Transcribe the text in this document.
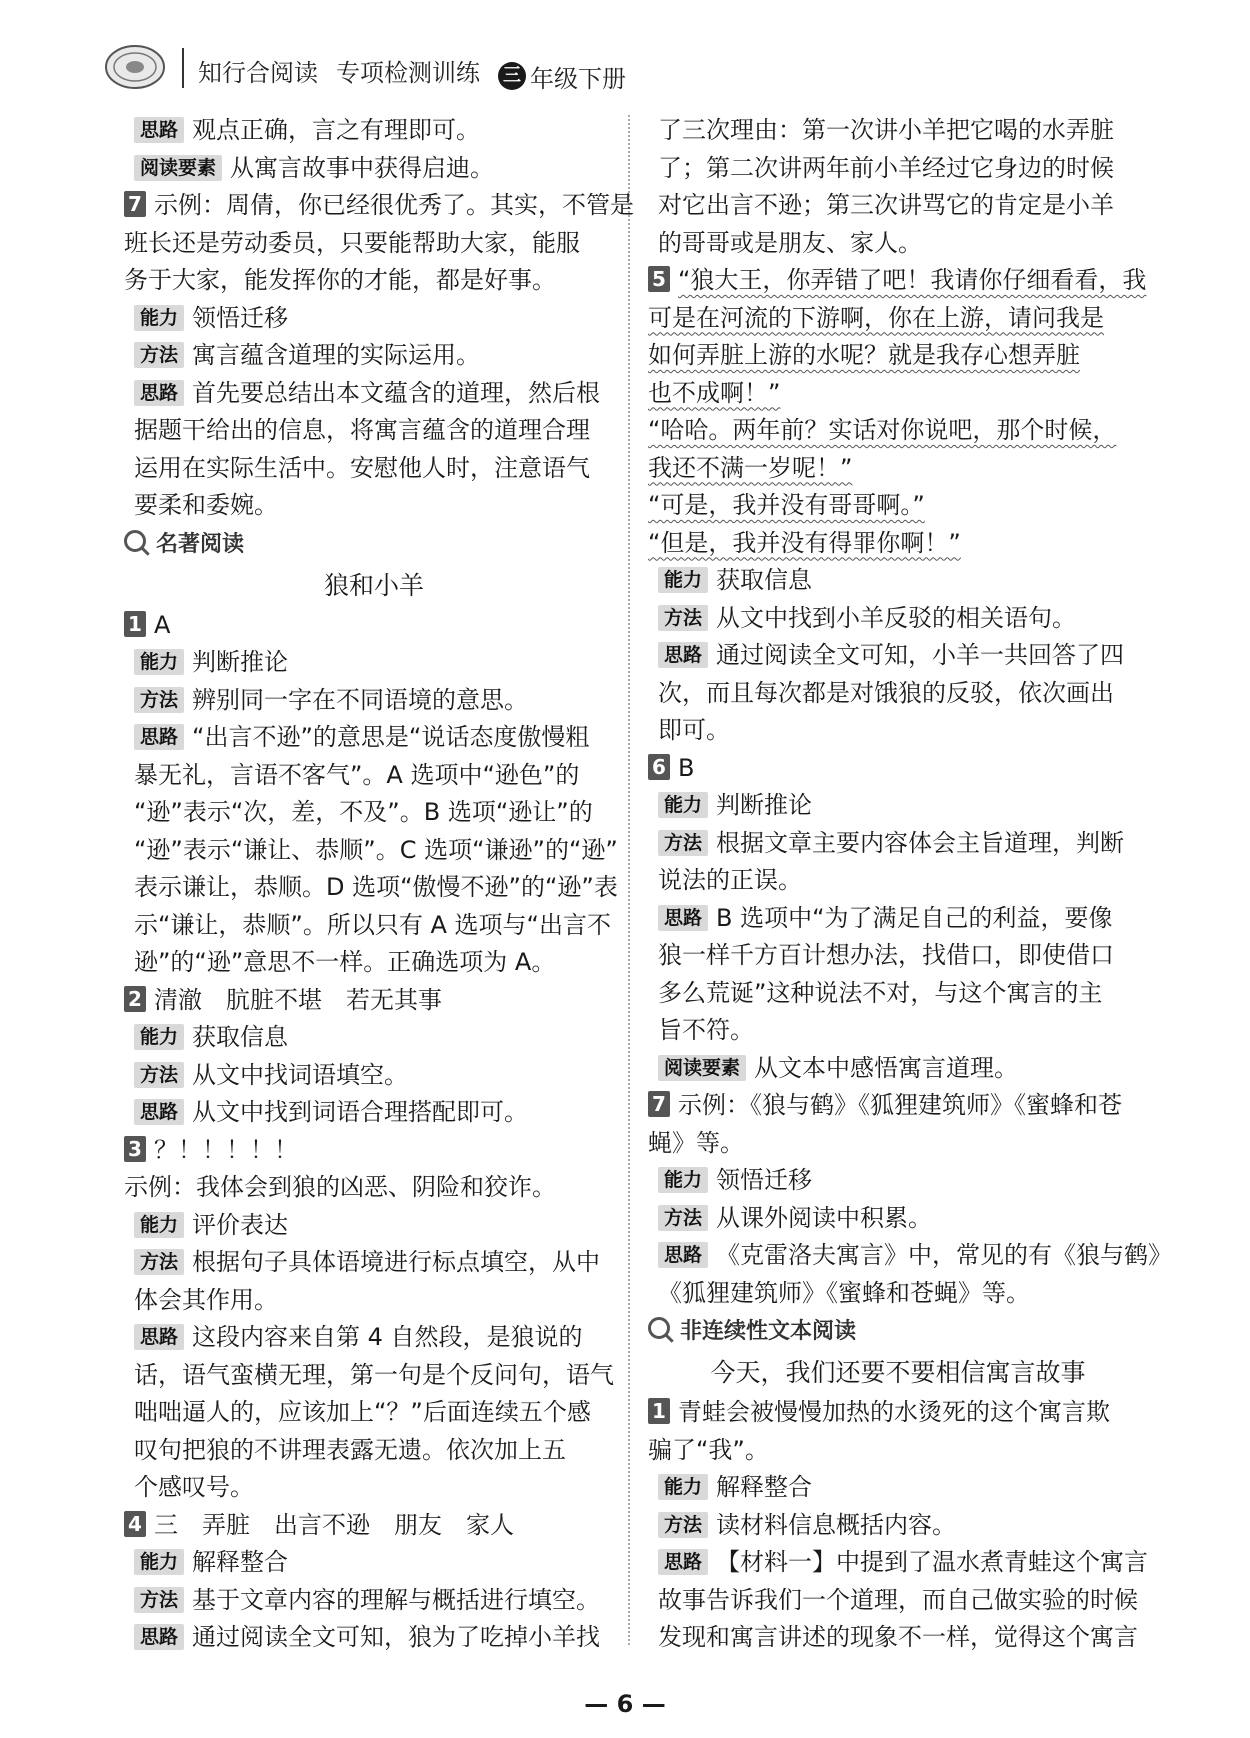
知行合阅读 专项检测训练 三 年级下册
思路 观点正确，言之有理即可。
阅读要素 从寓言故事中获得启迪。
7 示例：周倩，你已经很优秀了。其实，不管是
班长还是劳动委员，只要能帮助大家，能服
务于大家，能发挥你的才能，都是好事。
能力 领悟迁移
方法 寓言蕴含道理的实际运用。
思路 首先要总结出本文蕴含的道理，然后根
据题干给出的信息，将寓言蕴含的道理合理
运用在实际生活中。安慰他人时，注意语气
要柔和委婉。
名著阅读
狼和小羊
1 A
能力 判断推论
方法 辨别同一字在不同语境的意思。
思路 “出言不逊”的意思是“说话态度傲慢粗
暴无礼，言语不客气”。A 选项中“逊色”的
“逊”表示“次，差，不及”。B 选项“逊让”的
“逊”表示“谦让、恭顺”。C 选项“谦逊”的“逊”
表示谦让，恭顺。D 选项“傲慢不逊”的“逊”表
示“谦让，恭顺”。所以只有 A 选项与“出言不
逊”的“逊”意思不一样。正确选项为 A。
2 清澈　肮脏不堪　若无其事
能力 获取信息
方法 从文中找词语填空。
思路 从文中找到词语合理搭配即可。
3 ？！！！！！
示例：我体会到狼的凶恶、阴险和狡诈。
能力 评价表达
方法 根据句子具体语境进行标点填空，从中
体会其作用。
思路 这段内容来自第 4 自然段，是狼说的
话，语气蛮横无理，第一句是个反问句，语气
咄咄逼人的，应该加上“？”后面连续五个感
叹句把狼的不讲理表露无遗。依次加上五
个感叹号。
4 三　弄脏　出言不逊　朋友　家人
能力 解释整合
方法 基于文章内容的理解与概括进行填空。
思路 通过阅读全文可知，狼为了吃掉小羊找
了三次理由：第一次讲小羊把它喝的水弄脏
了；第二次讲两年前小羊经过它身边的时候
对它出言不逊；第三次讲骂它的肯定是小羊
的哥哥或是朋友、家人。
5 “狼大王，你弄错了吧！我请你仔细看看，我
可是在河流的下游啊，你在上游，请问我是
如何弄脏上游的水呢？就是我存心想弄脏
也不成啊！”
“哈哈。两年前？实话对你说吧，那个时候，
我还不满一岁呢！”
“可是，我并没有哥哥啊。”
“但是，我并没有得罪你啊！”
能力 获取信息
方法 从文中找到小羊反驳的相关语句。
思路 通过阅读全文可知，小羊一共回答了四
次，而且每次都是对饿狼的反驳，依次画出
即可。
6 B
能力 判断推论
方法 根据文章主要内容体会主旨道理，判断
说法的正误。
思路 B 选项中“为了满足自己的利益，要像
狼一样千方百计想办法，找借口，即使借口
多么荒诞”这种说法不对，与这个寓言的主
旨不符。
阅读要素 从文本中感悟寓言道理。
7 示例：《狼与鹤》《狐狸建筑师》《蜜蜂和苍
蝇》等。
能力 领悟迁移
方法 从课外阅读中积累。
思路 《克雷洛夫寓言》中，常见的有《狼与鹤》
《狐狸建筑师》《蜜蜂和苍蝇》等。
非连续性文本阅读
今天，我们还要不要相信寓言故事
1 青蛙会被慢慢加热的水烫死的这个寓言欺
骗了“我”。
能力 解释整合
方法 读材料信息概括内容。
思路 【材料一】中提到了温水煮青蛙这个寓言
故事告诉我们一个道理，而自己做实验的时候
发现和寓言讲述的现象不一样，觉得这个寓言
— 6 —
